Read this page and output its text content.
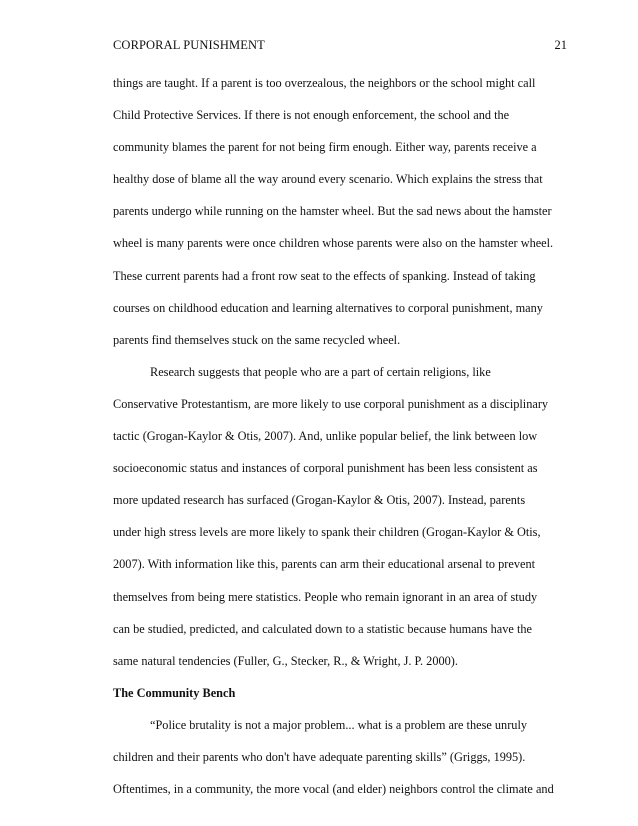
CORPORAL PUNISHMENT	21
things are taught. If a parent is too overzealous, the neighbors or the school might call
Child Protective Services. If there is not enough enforcement, the school and the
community blames the parent for not being firm enough. Either way, parents receive a
healthy dose of blame all the way around every scenario. Which explains the stress that
parents undergo while running on the hamster wheel. But the sad news about the hamster
wheel is many parents were once children whose parents were also on the hamster wheel.
These current parents had a front row seat to the effects of spanking. Instead of taking
courses on childhood education and learning alternatives to corporal punishment, many
parents find themselves stuck on the same recycled wheel.
Research suggests that people who are a part of certain religions, like
Conservative Protestantism, are more likely to use corporal punishment as a disciplinary
tactic (Grogan-Kaylor & Otis, 2007). And, unlike popular belief, the link between low
socioeconomic status and instances of corporal punishment has been less consistent as
more updated research has surfaced (Grogan-Kaylor & Otis, 2007). Instead, parents
under high stress levels are more likely to spank their children (Grogan-Kaylor & Otis,
2007). With information like this, parents can arm their educational arsenal to prevent
themselves from being mere statistics. People who remain ignorant in an area of study
can be studied, predicted, and calculated down to a statistic because humans have the
same natural tendencies (Fuller, G., Stecker, R., & Wright, J. P. 2000).
The Community Bench
“Police brutality is not a major problem... what is a problem are these unruly
children and their parents who don't have adequate parenting skills” (Griggs, 1995).
Oftentimes, in a community, the more vocal (and elder) neighbors control the climate and
